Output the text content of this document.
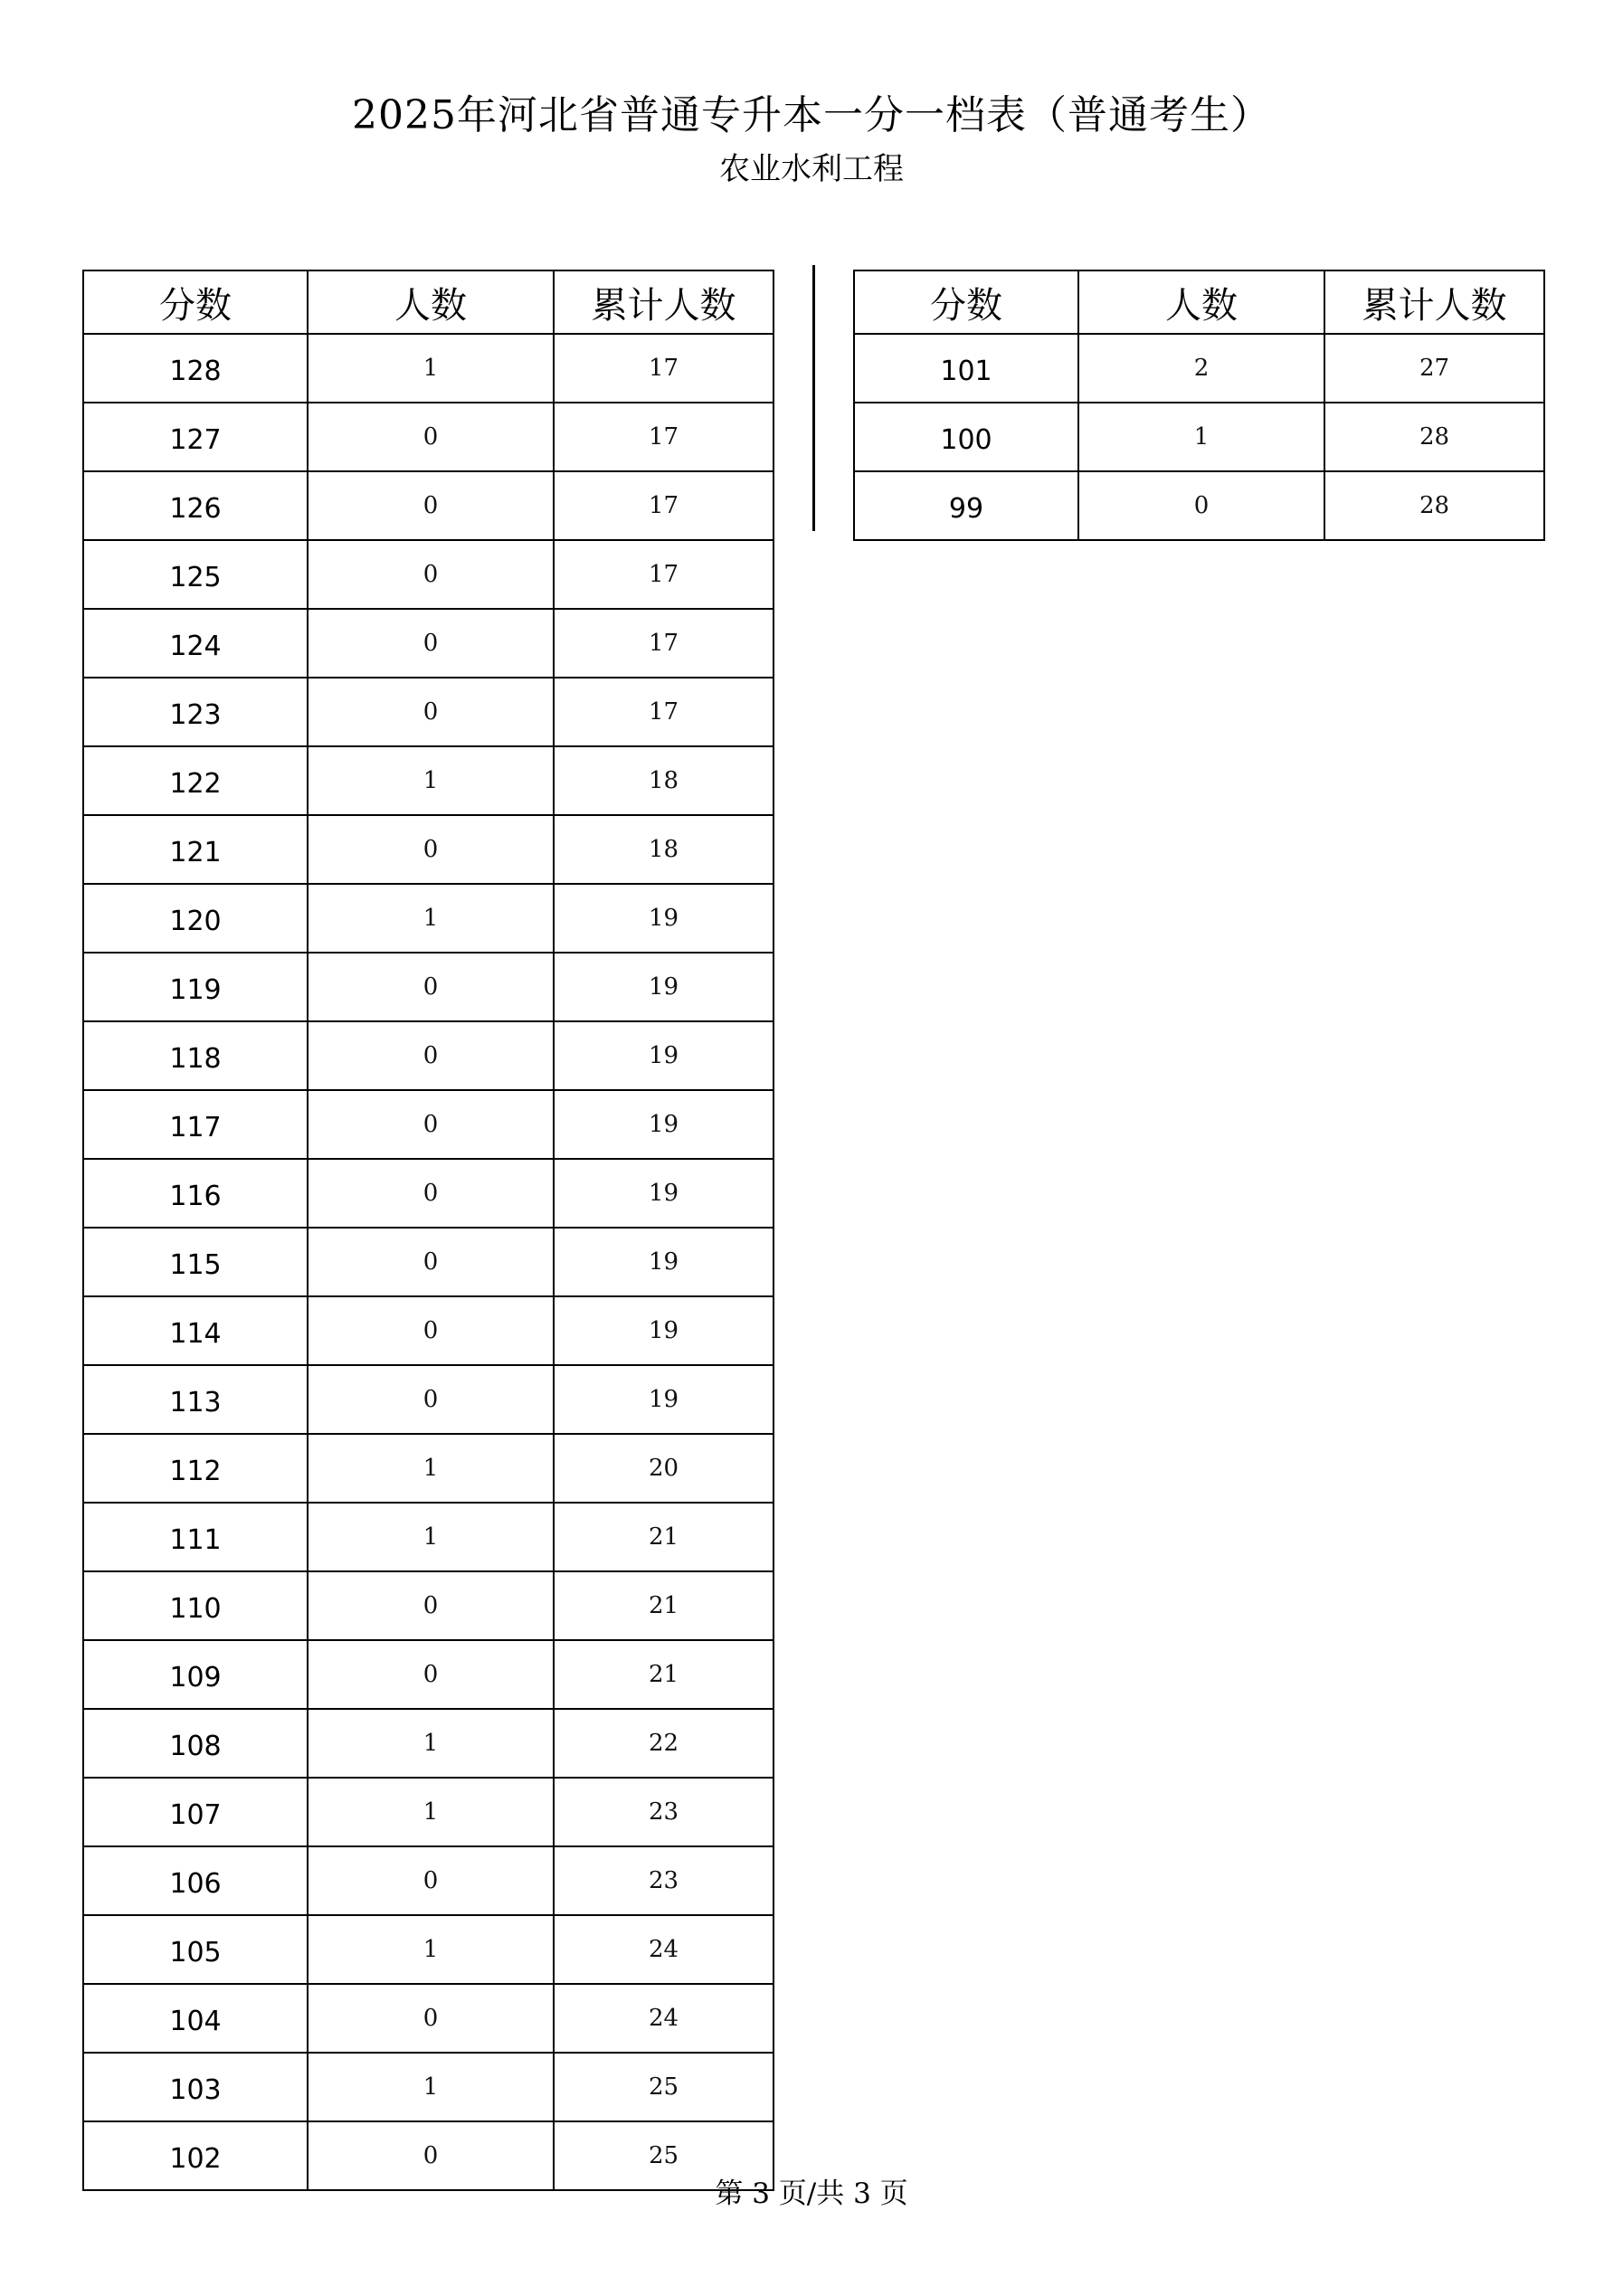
2025年河北省普通专升本一分一档表（普通考生）
农业水利工程
分数	人数	累计人数
128	1	17
127	0	17
126	0	17
125	0	17
124	0	17
123	0	17
122	1	18
121	0	18
120	1	19
119	0	19
118	0	19
117	0	19
116	0	19
115	0	19
114	0	19
113	0	19
112	1	20
111	1	21
110	0	21
109	0	21
108	1	22
107	1	23
106	0	23
105	1	24
104	0	24
103	1	25
102	0	25
分数	人数	累计人数
101	2	27
100	1	28
99	0	28
第 3 页/共 3 页
